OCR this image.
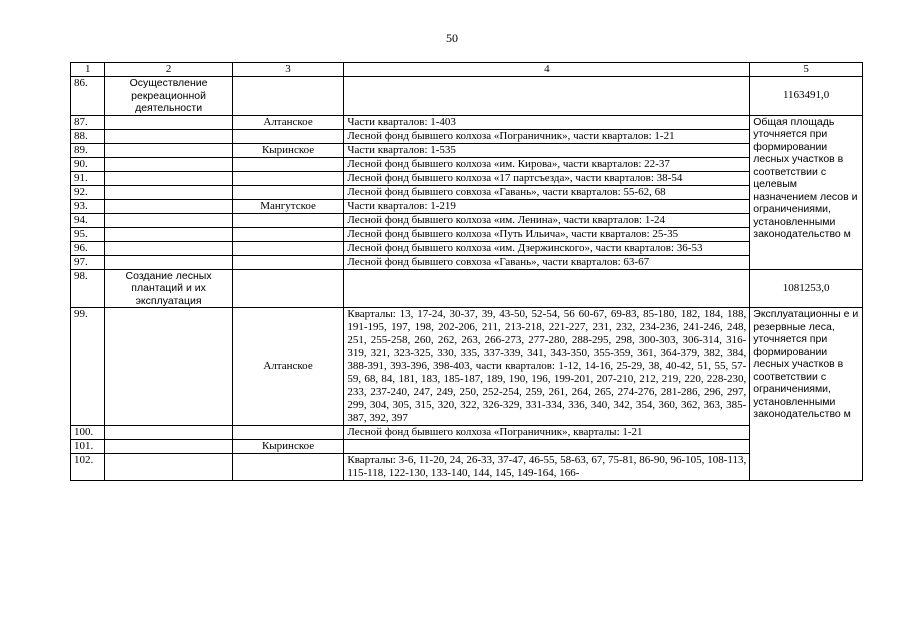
50
1	2	3	4	5
86.	Осуществление рекреационной деятельности			1163491,0
87.		Алтанское	Части кварталов: 1-403	Общая площадь уточняется при формировании лесных участков в соответствии с целевым назначением лесов и ограничениями, установленными законодательство м
88.			Лесной фонд бывшего колхоза «Пограничник», части кварталов: 1-21	
89.		Кыринское	Части кварталов: 1-535	
90.			Лесной фонд бывшего колхоза «им. Кирова», части кварталов: 22-37	
91.			Лесной фонд бывшего колхоза «17 партсъезда», части кварталов: 38-54	
92.			Лесной фонд бывшего совхоза «Гавань», части кварталов: 55-62, 68	
93.		Мангутское	Части кварталов: 1-219	
94.			Лесной фонд бывшего колхоза «им. Ленина», части кварталов: 1-24	
95.			Лесной фонд бывшего колхоза «Путь Ильича», части кварталов: 25-35	
96.			Лесной фонд бывшего колхоза «им. Дзержинского», части кварталов: 36-53	
97.			Лесной фонд бывшего совхоза «Гавань», части кварталов: 63-67	
98.	Создание лесных плантаций и их эксплуатация			1081253,0
99.		Алтанское	Кварталы: 13, 17-24, 30-37, 39, 43-50, 52-54, 56 60-67, 69-83, 85-180, 182, 184, 188, 191-195, 197, 198, 202-206, 211, 213-218, 221-227, 231, 232, 234-236, 241-246, 248, 251, 255-258, 260, 262, 263, 266-273, 277-280, 288-295, 298, 300-303, 306-314, 316-319, 321, 323-325, 330, 335, 337-339, 341, 343-350, 355-359, 361, 364-379, 382, 384, 388-391, 393-396, 398-403, части кварталов: 1-12, 14-16, 25-29, 38, 40-42, 51, 55, 57-59, 68, 84, 181, 183, 185-187, 189, 190, 196, 199-201, 207-210, 212, 219, 220, 228-230, 233, 237-240, 247, 249, 250, 252-254, 259, 261, 264, 265, 274-276, 281-286, 296, 297, 299, 304, 305, 315, 320, 322, 326-329, 331-334, 336, 340, 342, 354, 360, 362, 363, 385-387, 392, 397	Эксплуатационны е и резервные леса, уточняется при формировании лесных участков в соответствии с ограничениями, установленными законодательство м
100.			Лесной фонд бывшего колхоза «Пограничник», кварталы: 1-21	
101.		Кыринское		
102.			Кварталы: 3-6, 11-20, 24, 26-33, 37-47, 46-55, 58-63, 67, 75-81, 86-90, 96-105, 108-113, 115-118, 122-130, 133-140, 144, 145, 149-164, 166-	
